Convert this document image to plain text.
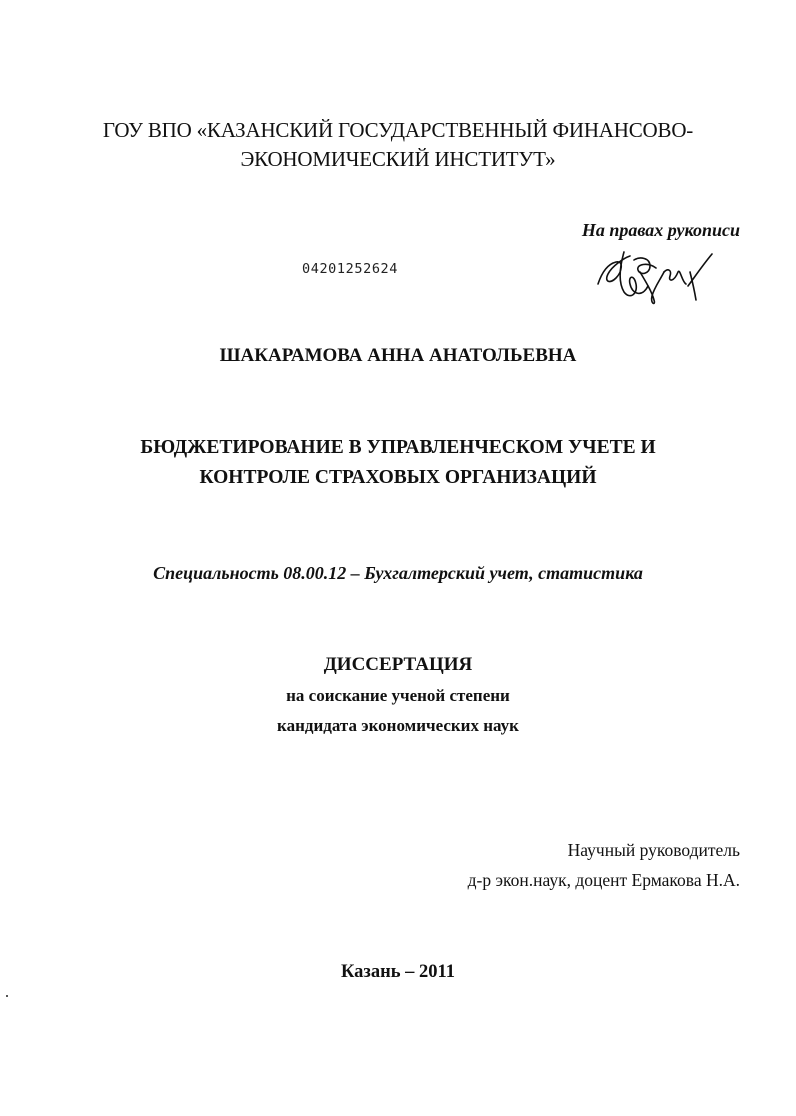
ГОУ ВПО «КАЗАНСКИЙ ГОСУДАРСТВЕННЫЙ ФИНАНСОВО-
ЭКОНОМИЧЕСКИЙ ИНСТИТУТ»
На правах рукописи
04201252624
ШАКАРАМОВА АННА АНАТОЛЬЕВНА
БЮДЖЕТИРОВАНИЕ В УПРАВЛЕНЧЕСКОМ УЧЕТЕ И
КОНТРОЛЕ СТРАХОВЫХ ОРГАНИЗАЦИЙ
Специальность 08.00.12 – Бухгалтерский учет, статистика
ДИССЕРТАЦИЯ
на соискание ученой степени
кандидата экономических наук
Научный руководитель
д-р экон.наук, доцент Ермакова Н.А.
Казань – 2011
